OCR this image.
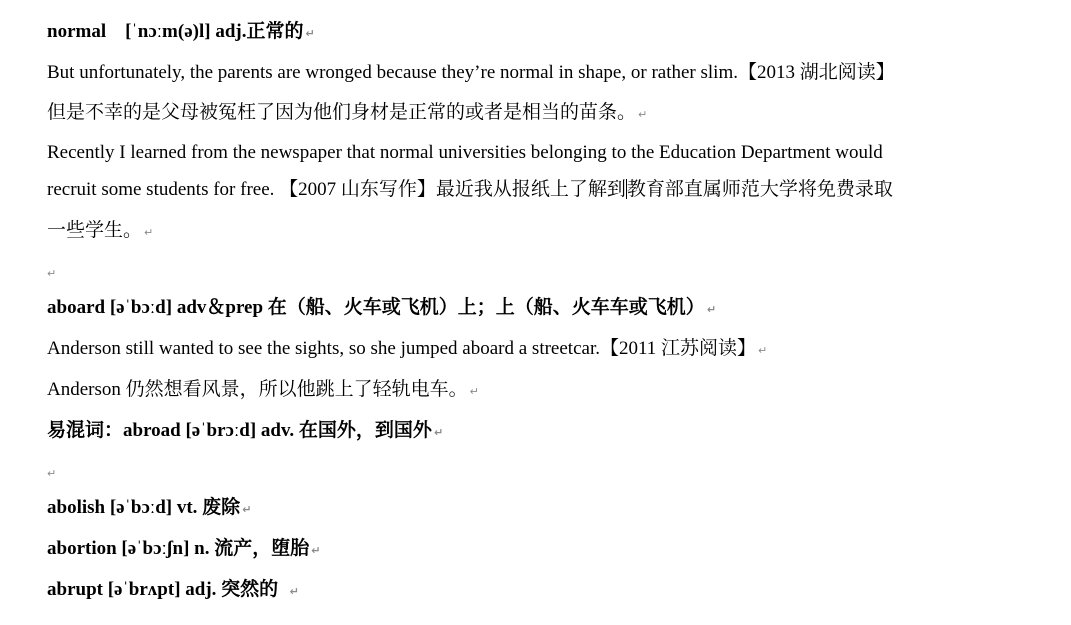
normal [ˈnɔːm(ə)l] adj.正常的 ↵
But unfortunately, the parents are wronged because they’re normal in shape, or rather slim.【2013 湖北阅读】
但是不幸的是父母被冤枉了因为他们身材是正常的或者是相当的苗条。 ↵
Recently I learned from the newspaper that normal universities belonging to the Education Department would
recruit some students for free. 【2007 山东写作】最近我从报纸上了解到教育部直属师范大学将免费录取
一些学生。 ↵
↵
aboard [əˈbɔːd] adv＆prep 在（船、火车或飞机）上；上（船、火车车或飞机） ↵
Anderson still wanted to see the sights, so she jumped aboard a streetcar.【2011 江苏阅读】 ↵
Anderson 仍然想看风景，所以他跳上了轻轨电车。 ↵
易混词：abroad [əˈbrɔːd] adv. 在国外，到国外 ↵
↵
abolish [əˈbɔːd] vt. 废除 ↵
abortion [əˈbɔːʃn] n. 流产，堕胎 ↵
abrupt [əˈbrʌpt] adj. 突然的  ↵
